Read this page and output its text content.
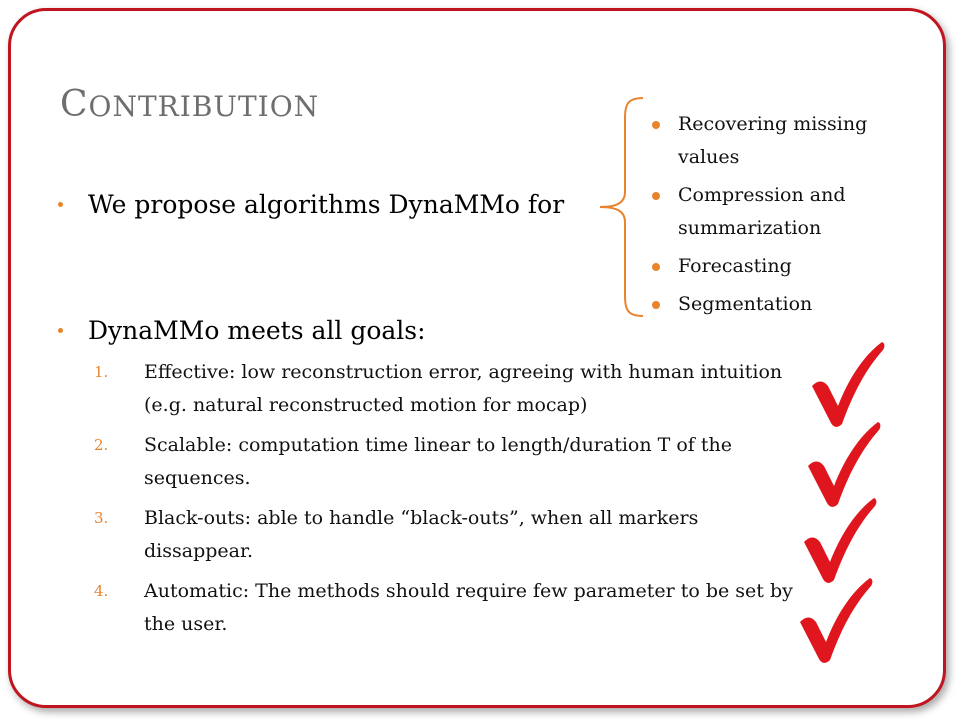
CONTRIBUTION
We propose algorithms DynaMMo for
Recovering missing values
Compression and summarization
Forecasting
Segmentation
DynaMMo meets all goals:
1. Effective: low reconstruction error, agreeing with human intuition (e.g. natural reconstructed motion for mocap)
2. Scalable: computation time linear to length/duration T of the sequences.
3. Black-outs: able to handle “black-outs”, when all markers dissappear.
4. Automatic: The methods should require few parameter to be set by the user.
